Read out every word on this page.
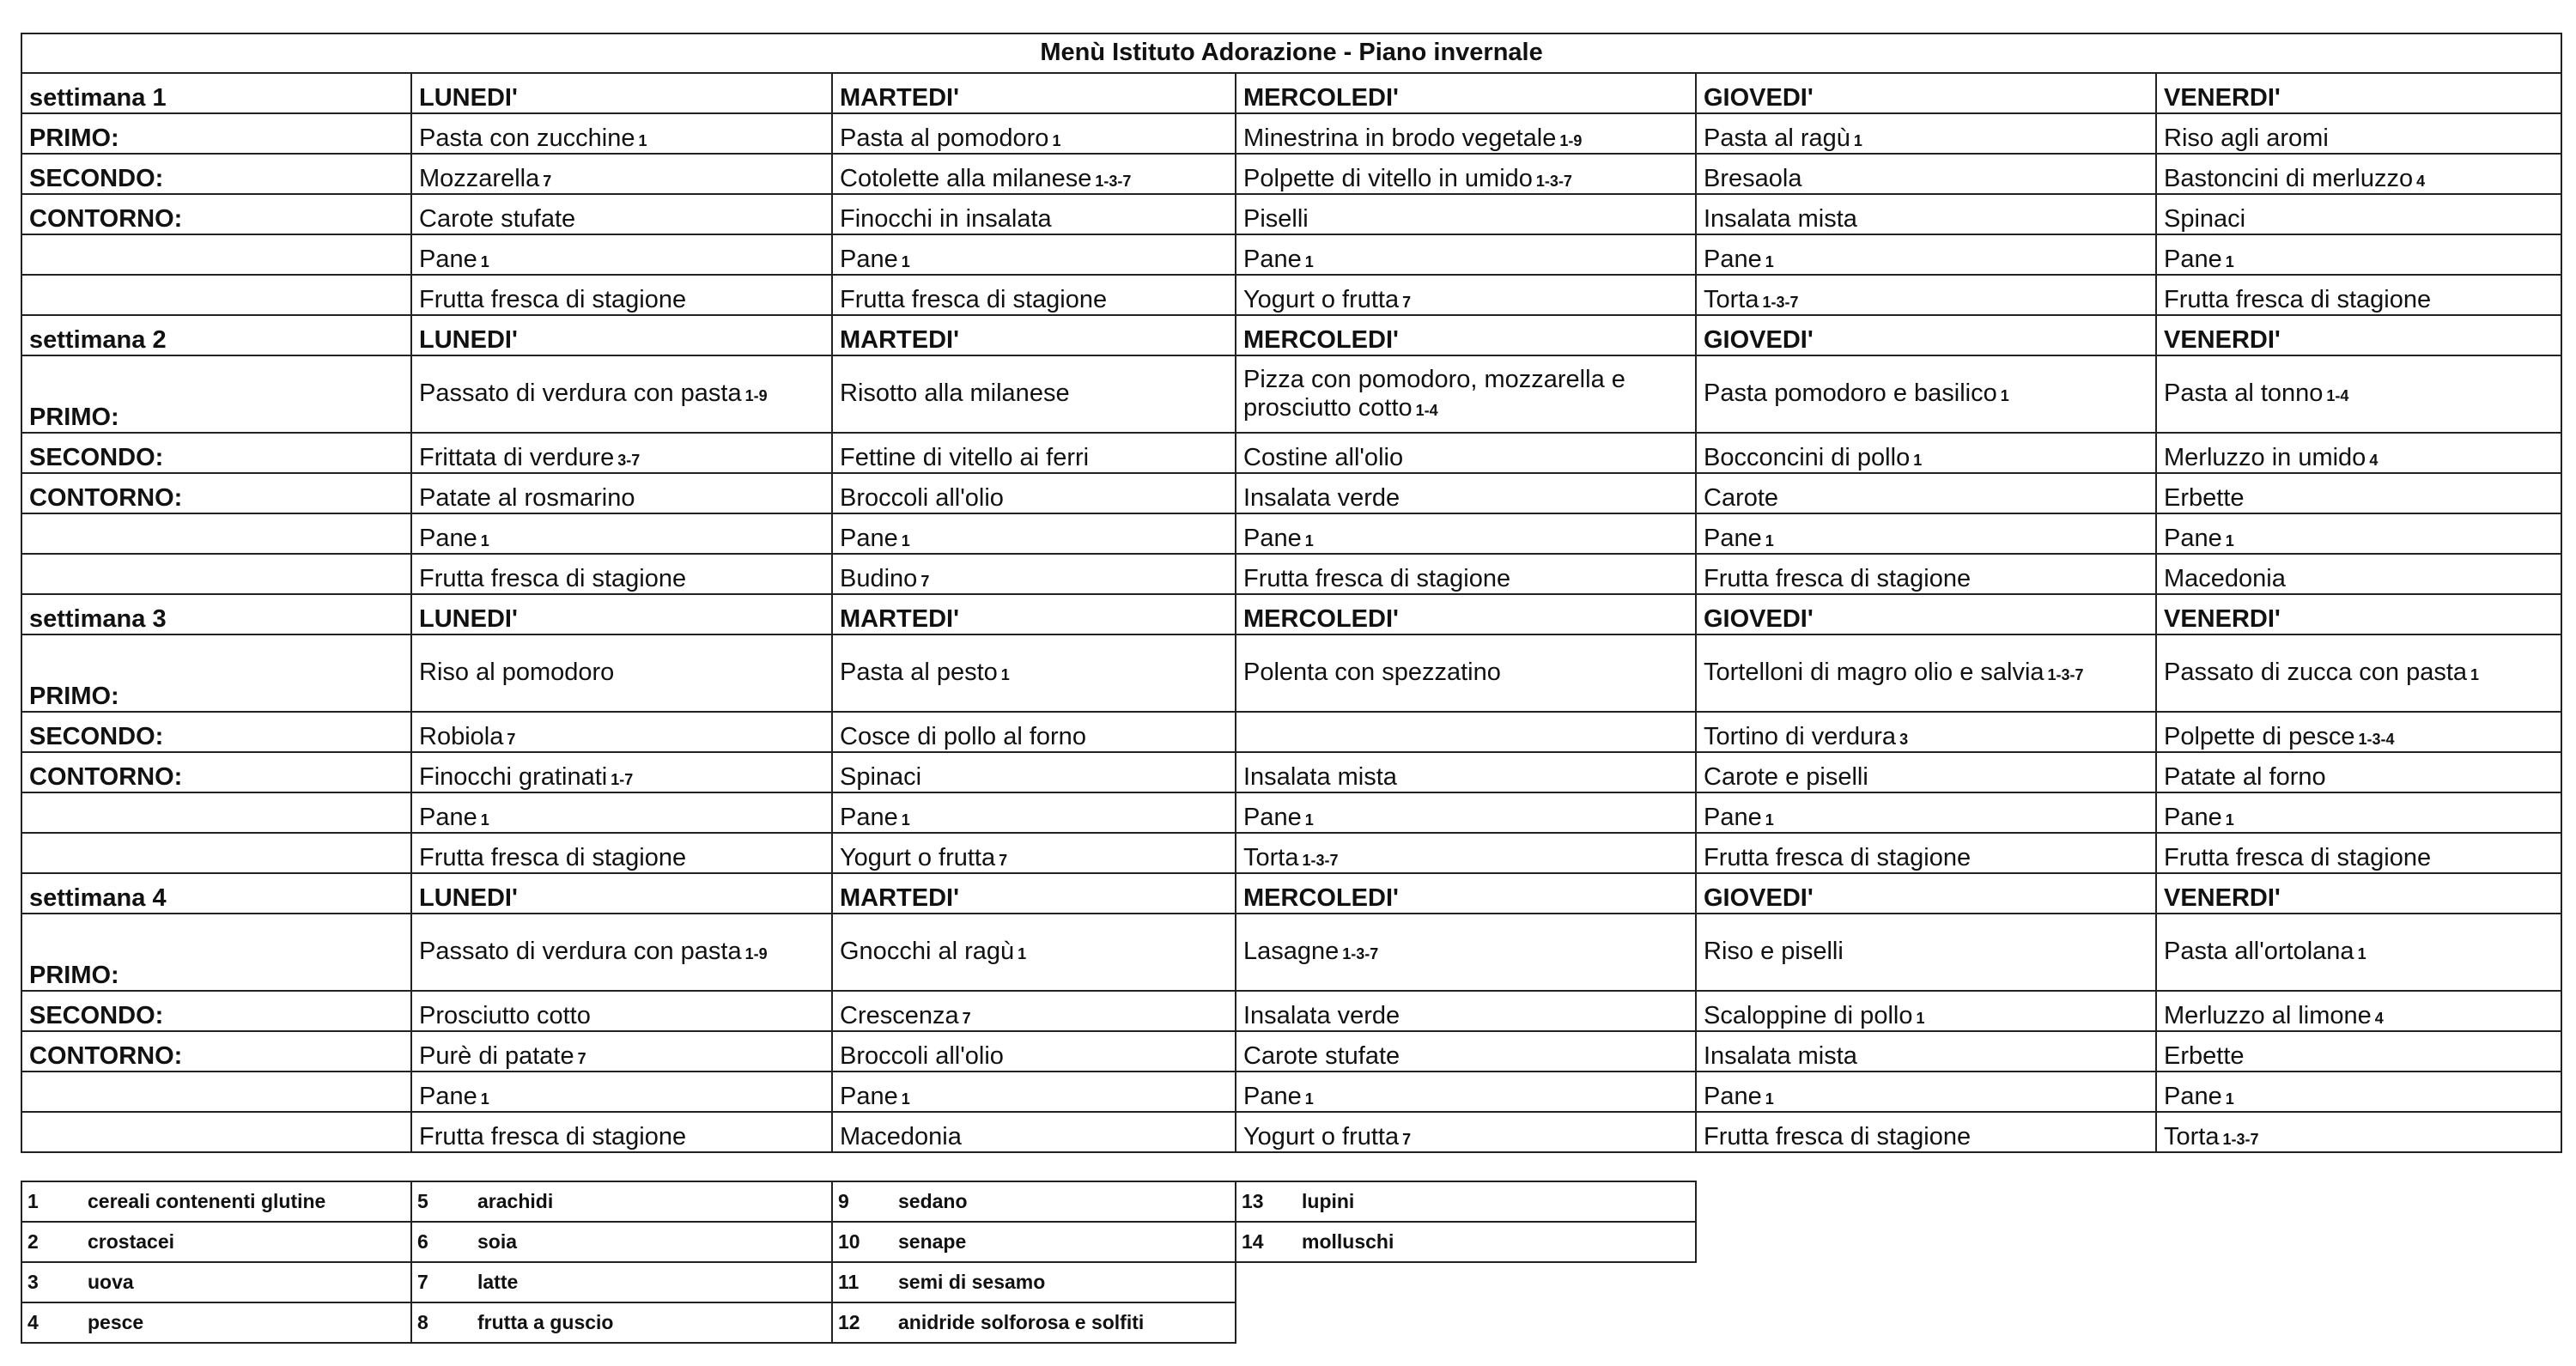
Menù Istituto Adorazione - Piano invernale					
settimana 1	LUNEDI'	MARTEDI'	MERCOLEDI'	GIOVEDI'	VENERDI'
PRIMO:	Pasta con zucchine 1	Pasta al pomodoro 1	Minestrina in brodo vegetale 1-9	Pasta al ragù 1	Riso agli aromi
SECONDO:	Mozzarella 7	Cotolette alla milanese 1-3-7	Polpette di vitello in umido 1-3-7	Bresaola	Bastoncini di merluzzo 4
CONTORNO:	Carote stufate	Finocchi in insalata	Piselli	Insalata mista	Spinaci
	Pane 1	Pane 1	Pane 1	Pane 1	Pane 1
	Frutta fresca di stagione	Frutta fresca di stagione	Yogurt o frutta 7	Torta 1-3-7	Frutta fresca di stagione
settimana 2	LUNEDI'	MARTEDI'	MERCOLEDI'	GIOVEDI'	VENERDI'
PRIMO:	Passato di verdura con pasta 1-9	Risotto alla milanese	Pizza con pomodoro, mozzarella e prosciutto cotto 1-4	Pasta pomodoro e basilico 1	Pasta al tonno 1-4
SECONDO:	Frittata di verdure 3-7	Fettine di vitello ai ferri	Costine all'olio	Bocconcini di pollo 1	Merluzzo in umido 4
CONTORNO:	Patate al rosmarino	Broccoli all'olio	Insalata verde	Carote	Erbette
	Pane 1	Pane 1	Pane 1	Pane 1	Pane 1
	Frutta fresca di stagione	Budino 7	Frutta fresca di stagione	Frutta fresca di stagione	Macedonia
settimana 3	LUNEDI'	MARTEDI'	MERCOLEDI'	GIOVEDI'	VENERDI'
PRIMO:	Riso al pomodoro	Pasta al pesto 1	Polenta con spezzatino	Tortelloni di magro olio e salvia 1-3-7	Passato di zucca con pasta 1
SECONDO:	Robiola 7	Cosce di pollo al forno		Tortino di verdura 3	Polpette di pesce 1-3-4
CONTORNO:	Finocchi gratinati 1-7	Spinaci	Insalata mista	Carote e piselli	Patate al forno
	Pane 1	Pane 1	Pane 1	Pane 1	Pane 1
	Frutta fresca di stagione	Yogurt o frutta 7	Torta 1-3-7	Frutta fresca di stagione	Frutta fresca di stagione
settimana 4	LUNEDI'	MARTEDI'	MERCOLEDI'	GIOVEDI'	VENERDI'
PRIMO:	Passato di verdura con pasta 1-9	Gnocchi al ragù 1	Lasagne 1-3-7	Riso e piselli	Pasta all'ortolana 1
SECONDO:	Prosciutto cotto	Crescenza 7	Insalata verde	Scaloppine di pollo 1	Merluzzo al limone 4
CONTORNO:	Purè di patate 7	Broccoli all'olio	Carote stufate	Insalata mista	Erbette
	Pane 1	Pane 1	Pane 1	Pane 1	Pane 1
	Frutta fresca di stagione	Macedonia	Yogurt o frutta 7	Frutta fresca di stagione	Torta 1-3-7
1 cereali contenenti glutine	5 arachidi	9 sedano	13 lupini
2 crostacei	6 soia	10 senape	14 molluschi
3 uova	7 latte	11 semi di sesamo	
4 pesce	8 frutta a guscio	12 anidride solforosa e solfiti	
